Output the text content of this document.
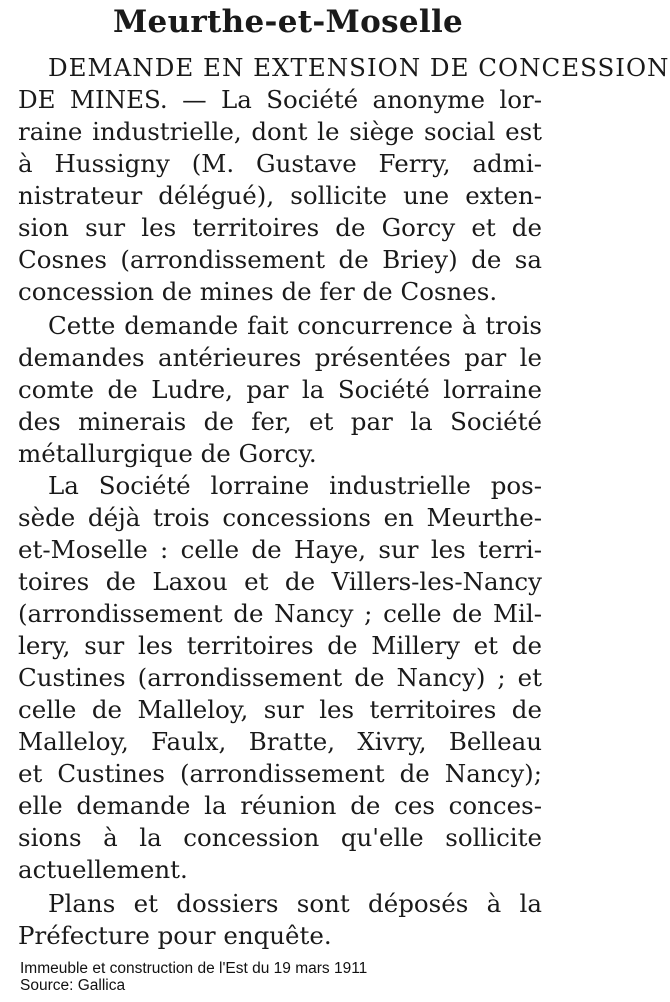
Meurthe-et-Moselle
DEMANDE EN EXTENSION DE CONCESSION
DE MINES. — La Société anonyme lor-
raine industrielle, dont le siège social est
à Hussigny (M. Gustave Ferry, admi-
nistrateur délégué), sollicite une exten-
sion sur les territoires de Gorcy et de
Cosnes (arrondissement de Briey) de sa
concession de mines de fer de Cosnes.
Cette demande fait concurrence à trois
demandes antérieures présentées par le
comte de Ludre, par la Société lorraine
des minerais de fer, et par la Société
métallurgique de Gorcy.
La Société lorraine industrielle pos-
sède déjà trois concessions en Meurthe-
et-Moselle : celle de Haye, sur les terri-
toires de Laxou et de Villers-les-Nancy
(arrondissement de Nancy ; celle de Mil-
lery, sur les territoires de Millery et de
Custines (arrondissement de Nancy) ; et
celle de Malleloy, sur les territoires de
Malleloy, Faulx, Bratte, Xivry, Belleau
et Custines (arrondissement de Nancy);
elle demande la réunion de ces conces-
sions à la concession qu'elle sollicite
actuellement.
Plans et dossiers sont déposés à la
Préfecture pour enquête.
Immeuble et construction de l'Est du 19 mars 1911
Source: Gallica
